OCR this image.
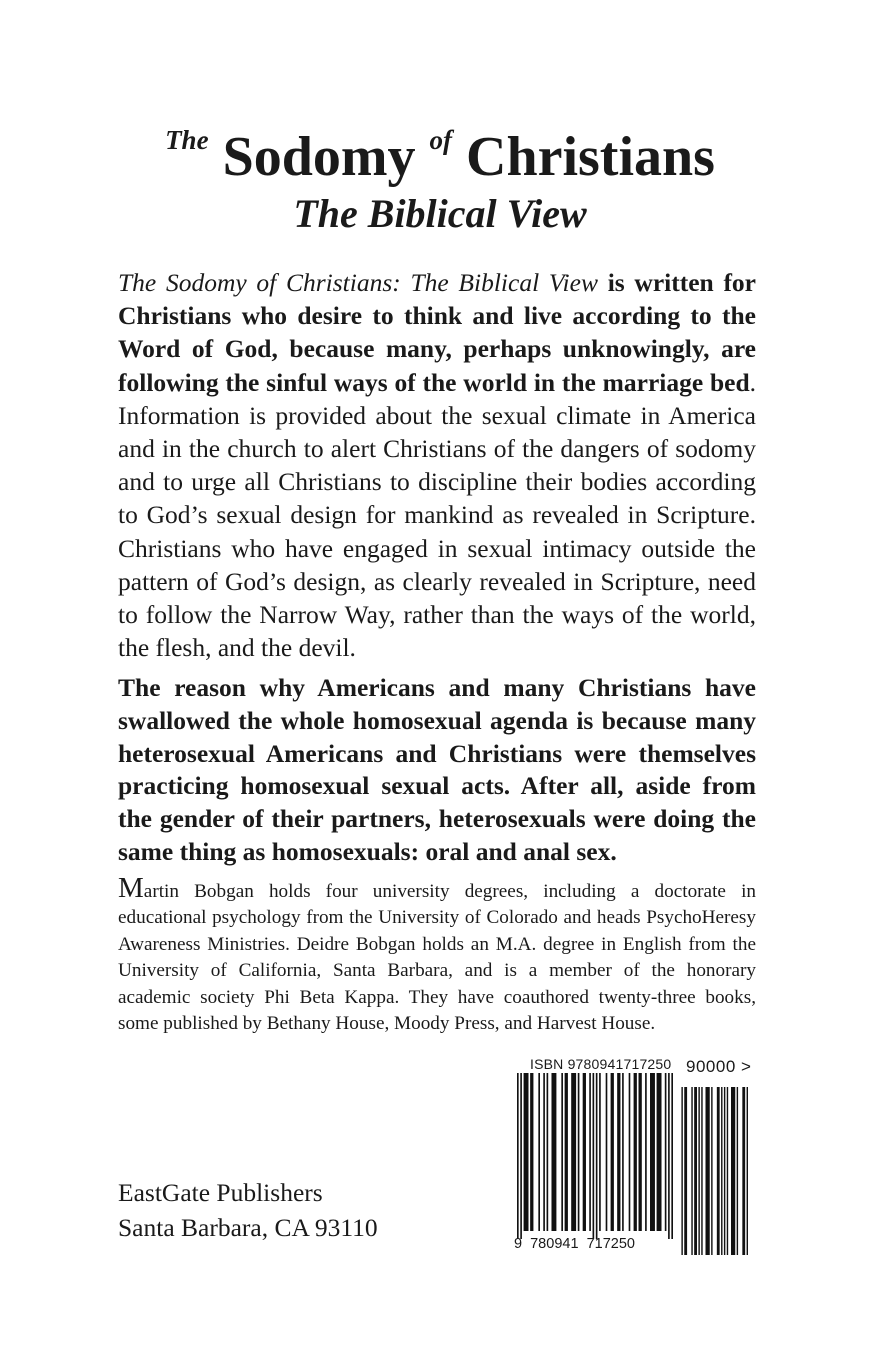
$^{The}$ Sodomy $^{of}$ Christians
The Biblical View
The Sodomy of Christians: The Biblical View is written for Christians who desire to think and live according to the Word of God, because many, perhaps unknowingly, are following the sinful ways of the world in the marriage bed. Information is provided about the sexual climate in America and in the church to alert Christians of the dangers of sodomy and to urge all Christians to discipline their bodies according to God’s sexual design for mankind as revealed in Scripture. Christians who have engaged in sexual intimacy outside the pattern of God’s design, as clearly revealed in Scripture, need to follow the Narrow Way, rather than the ways of the world, the flesh, and the devil.
The reason why Americans and many Christians have swallowed the whole homosexual agenda is because many heterosexual Americans and Christians were themselves practicing homosexual sexual acts. After all, aside from the gender of their partners, heterosexuals were doing the same thing as homosexuals: oral and anal sex.
Martin Bobgan holds four university degrees, including a doctorate in educational psychology from the University of Colorado and heads PsychoHeresy Awareness Ministries. Deidre Bobgan holds an M.A. degree in English from the University of California, Santa Barbara, and is a member of the honorary academic society Phi Beta Kappa. They have coauthored twenty-three books, some published by Bethany House, Moody Press, and Harvest House.
EastGate Publishers
Santa Barbara, CA 93110
ISBN 9780941717250
9  780941  717250
90000 >
